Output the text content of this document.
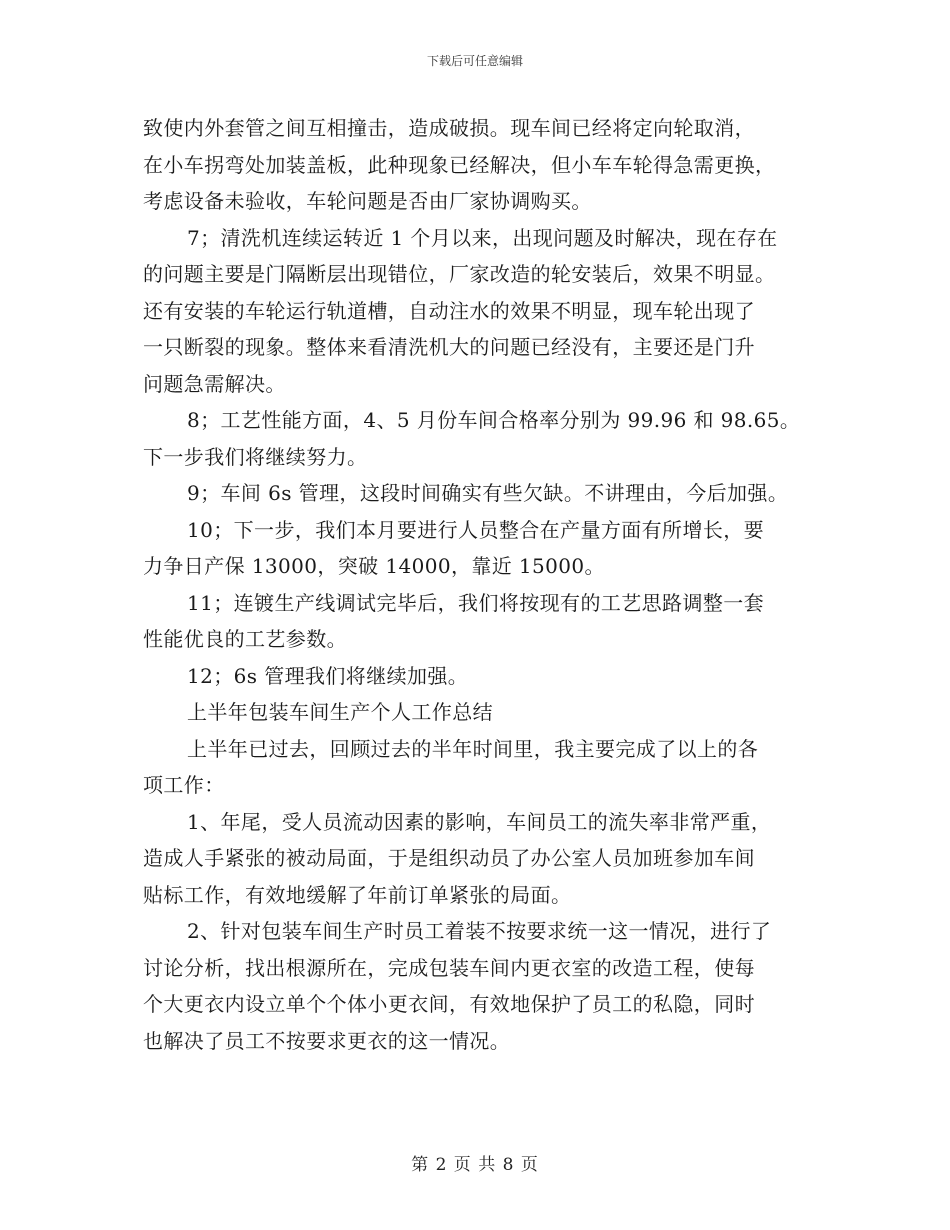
下载后可任意编辑
致使内外套管之间互相撞击，造成破损。现车间已经将定向轮取消，
在小车拐弯处加装盖板，此种现象已经解决，但小车车轮得急需更换，
考虑设备未验收，车轮问题是否由厂家协调购买。
7；清洗机连续运转近 1 个月以来，出现问题及时解决，现在存在
的问题主要是门隔断层出现错位，厂家改造的轮安装后，效果不明显。
还有安装的车轮运行轨道槽，自动注水的效果不明显，现车轮出现了
一只断裂的现象。整体来看清洗机大的问题已经没有，主要还是门升
问题急需解决。
8；工艺性能方面，4、5 月份车间合格率分别为 99.96 和 98.65。
下一步我们将继续努力。
9；车间 6s 管理，这段时间确实有些欠缺。不讲理由，今后加强。
10；下一步，我们本月要进行人员整合在产量方面有所增长，要
力争日产保 13000，突破 14000，靠近 15000。
11；连镀生产线调试完毕后，我们将按现有的工艺思路调整一套
性能优良的工艺参数。
12；6s 管理我们将继续加强。
上半年包装车间生产个人工作总结
上半年已过去，回顾过去的半年时间里，我主要完成了以上的各
项工作：
1、年尾，受人员流动因素的影响，车间员工的流失率非常严重，
造成人手紧张的被动局面，于是组织动员了办公室人员加班参加车间
贴标工作，有效地缓解了年前订单紧张的局面。
2、针对包装车间生产时员工着装不按要求统一这一情况，进行了
讨论分析，找出根源所在，完成包装车间内更衣室的改造工程，使每
个大更衣内设立单个个体小更衣间，有效地保护了员工的私隐，同时
也解决了员工不按要求更衣的这一情况。
第 2 页 共 8 页
